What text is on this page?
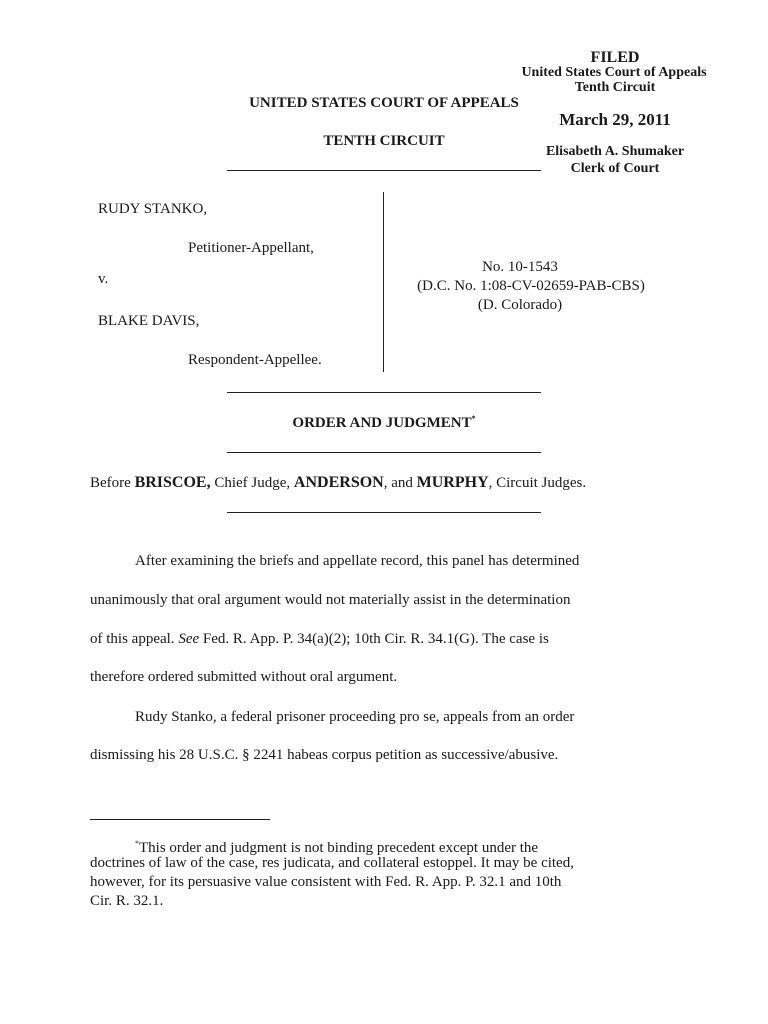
FILED
United States Court of Appeals
Tenth Circuit
March 29, 2011
Elisabeth A. Shumaker
Clerk of Court
UNITED STATES COURT OF APPEALS
TENTH CIRCUIT
RUDY STANKO,
Petitioner-Appellant,
v.
BLAKE DAVIS,
Respondent-Appellee.
No. 10-1543
(D.C. No. 1:08-CV-02659-PAB-CBS)
(D. Colorado)
ORDER AND JUDGMENT*
Before BRISCOE, Chief Judge, ANDERSON, and MURPHY, Circuit Judges.
After examining the briefs and appellate record, this panel has determined
unanimously that oral argument would not materially assist in the determination
of this appeal. See Fed. R. App. P. 34(a)(2); 10th Cir. R. 34.1(G). The case is
therefore ordered submitted without oral argument.
Rudy Stanko, a federal prisoner proceeding pro se, appeals from an order
dismissing his 28 U.S.C. § 2241 habeas corpus petition as successive/abusive.
*This order and judgment is not binding precedent except under the
doctrines of law of the case, res judicata, and collateral estoppel. It may be cited,
however, for its persuasive value consistent with Fed. R. App. P. 32.1 and 10th
Cir. R. 32.1.
